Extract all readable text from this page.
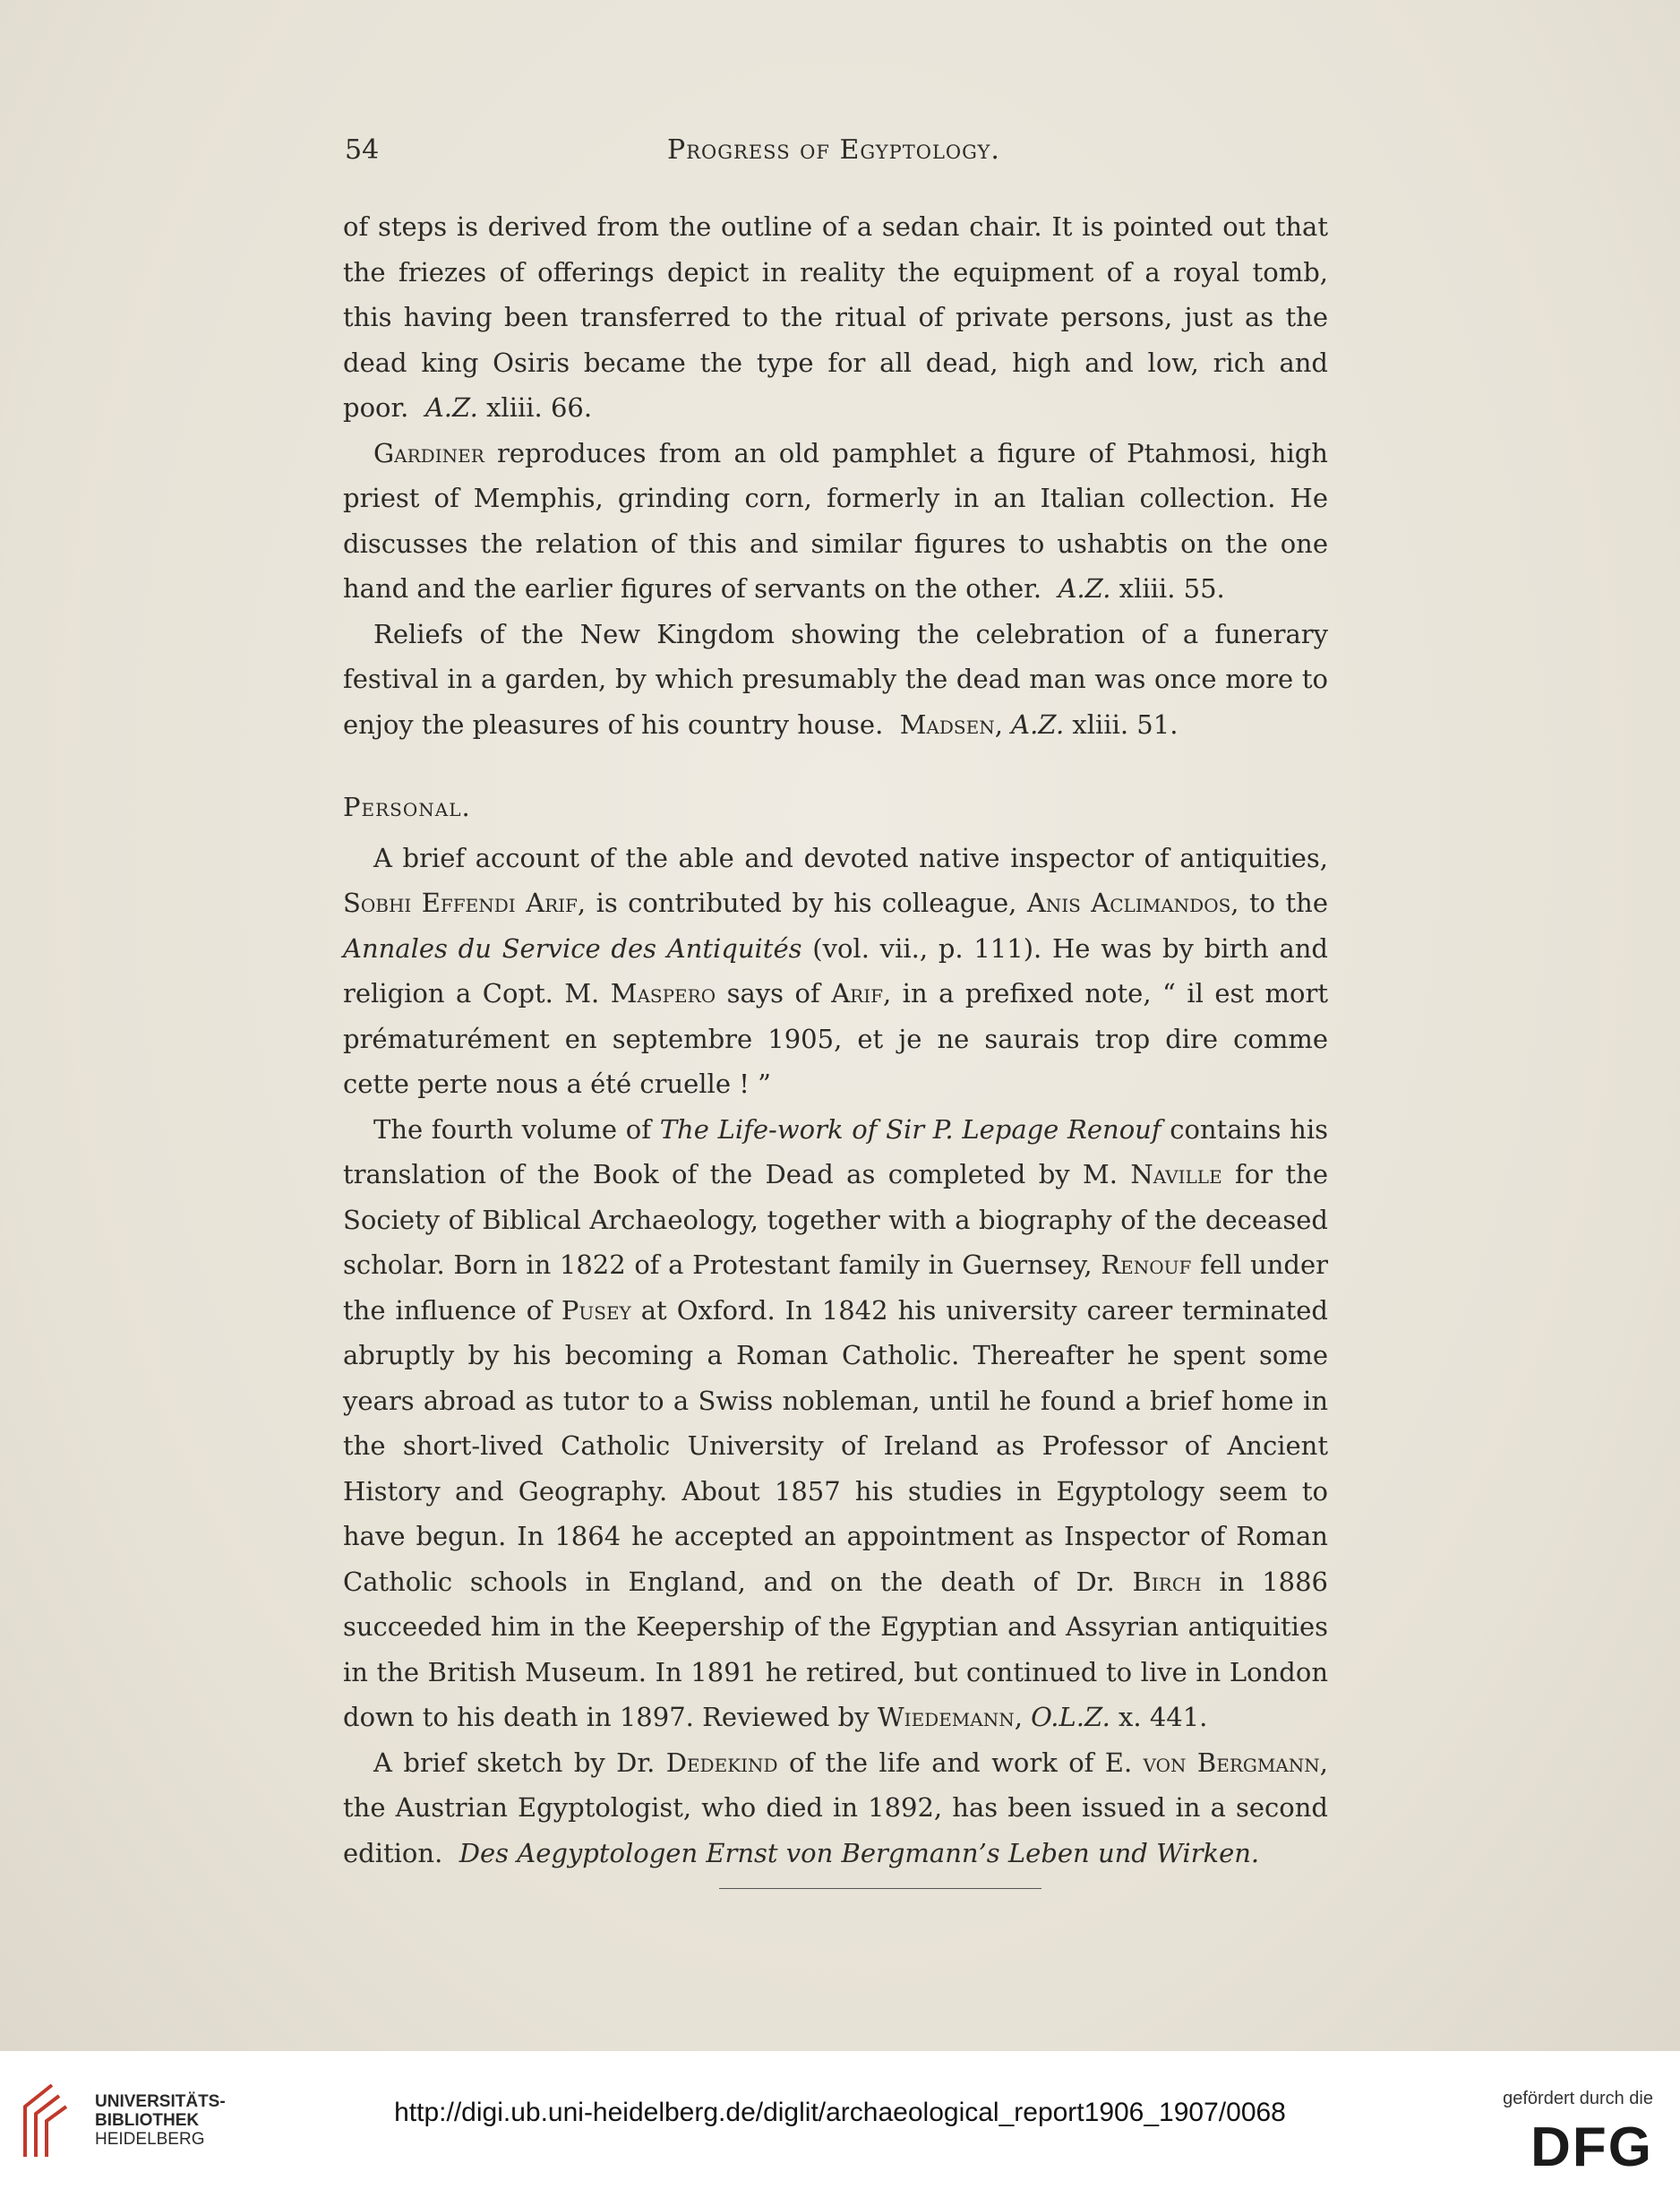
54	Progress of Egyptology.

of steps is derived from the outline of a sedan chair. It is pointed out that the friezes of offerings depict in reality the equipment of a royal tomb, this having been transferred to the ritual of private persons, just as the dead king Osiris became the type for all dead, high and low, rich and poor. A.Z. xliii. 66.

Gardiner reproduces from an old pamphlet a figure of Ptahmosi, high priest of Memphis, grinding corn, formerly in an Italian collection. He discusses the relation of this and similar figures to ushabtis on the one hand and the earlier figures of servants on the other. A.Z. xliii. 55.

Reliefs of the New Kingdom showing the celebration of a funerary festival in a garden, by which presumably the dead man was once more to enjoy the pleasures of his country house. Madsen, A.Z. xliii. 51.

Personal.

A brief account of the able and devoted native inspector of antiquities, Sobhi Effendi Arif, is contributed by his colleague, Anis Aclimandos, to the Annales du Service des Antiquités (vol. vii., p. 111). He was by birth and religion a Copt. M. Maspero says of Arif, in a prefixed note, “ il est mort prématurément en septembre 1905, et je ne saurais trop dire comme cette perte nous a été cruelle ! ”

The fourth volume of The Life-work of Sir P. Lepage Renouf contains his translation of the Book of the Dead as completed by M. Naville for the Society of Biblical Archaeology, together with a biography of the deceased scholar. Born in 1822 of a Protestant family in Guernsey, Renouf fell under the influence of Pusey at Oxford. In 1842 his university career terminated abruptly by his becoming a Roman Catholic. Thereafter he spent some years abroad as tutor to a Swiss nobleman, until he found a brief home in the short-lived Catholic University of Ireland as Professor of Ancient History and Geography. About 1857 his studies in Egyptology seem to have begun. In 1864 he accepted an appointment as Inspector of Roman Catholic schools in England, and on the death of Dr. Birch in 1886 succeeded him in the Keepership of the Egyptian and Assyrian antiquities in the British Museum. In 1891 he retired, but continued to live in London down to his death in 1897. Reviewed by Wiedemann, O.L.Z. x. 441.

A brief sketch by Dr. Dedekind of the life and work of E. von Bergmann, the Austrian Egyptologist, who died in 1892, has been issued in a second edition. Des Aegyptologen Ernst von Bergmann’s Leben und Wirken.

UNIVERSITÄTS-
BIBLIOTHEK
HEIDELBERG
http://digi.ub.uni-heidelberg.de/diglit/archaeological_report1906_1907/0068	gefördert durch die
DFG
